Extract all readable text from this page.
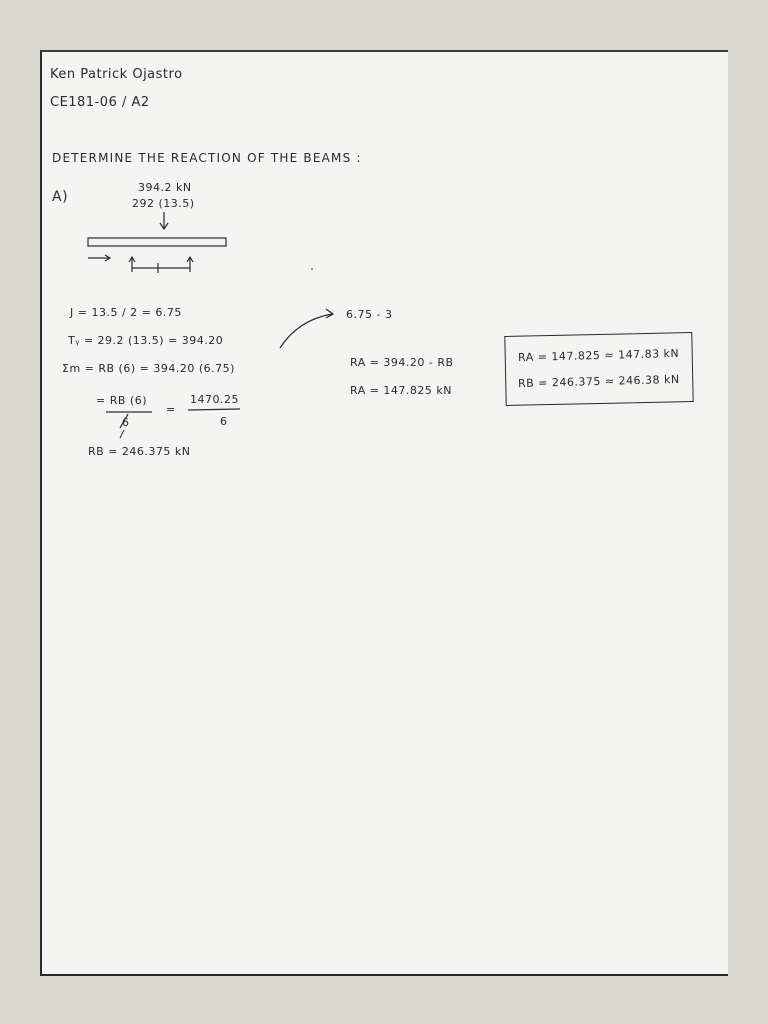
Ken Patrick Ojastro
CE181-06 / A2
DETERMINE THE REACTION OF THE BEAMS :
A)
394.2 kN
292 (13.5)
J = 13.5 / 2 = 6.75
Tᵧ = 29.2 (13.5) = 394.20
Σm = RB (6) = 394.20 (6.75)
= RB (6)
6
=
1470.25
6
RB = 246.375 kN
6.75 - 3
RA = 394.20 - RB
RA = 147.825 kN
RA = 147.825 ≈ 147.83 kN
RB = 246.375 ≈ 246.38 kN
